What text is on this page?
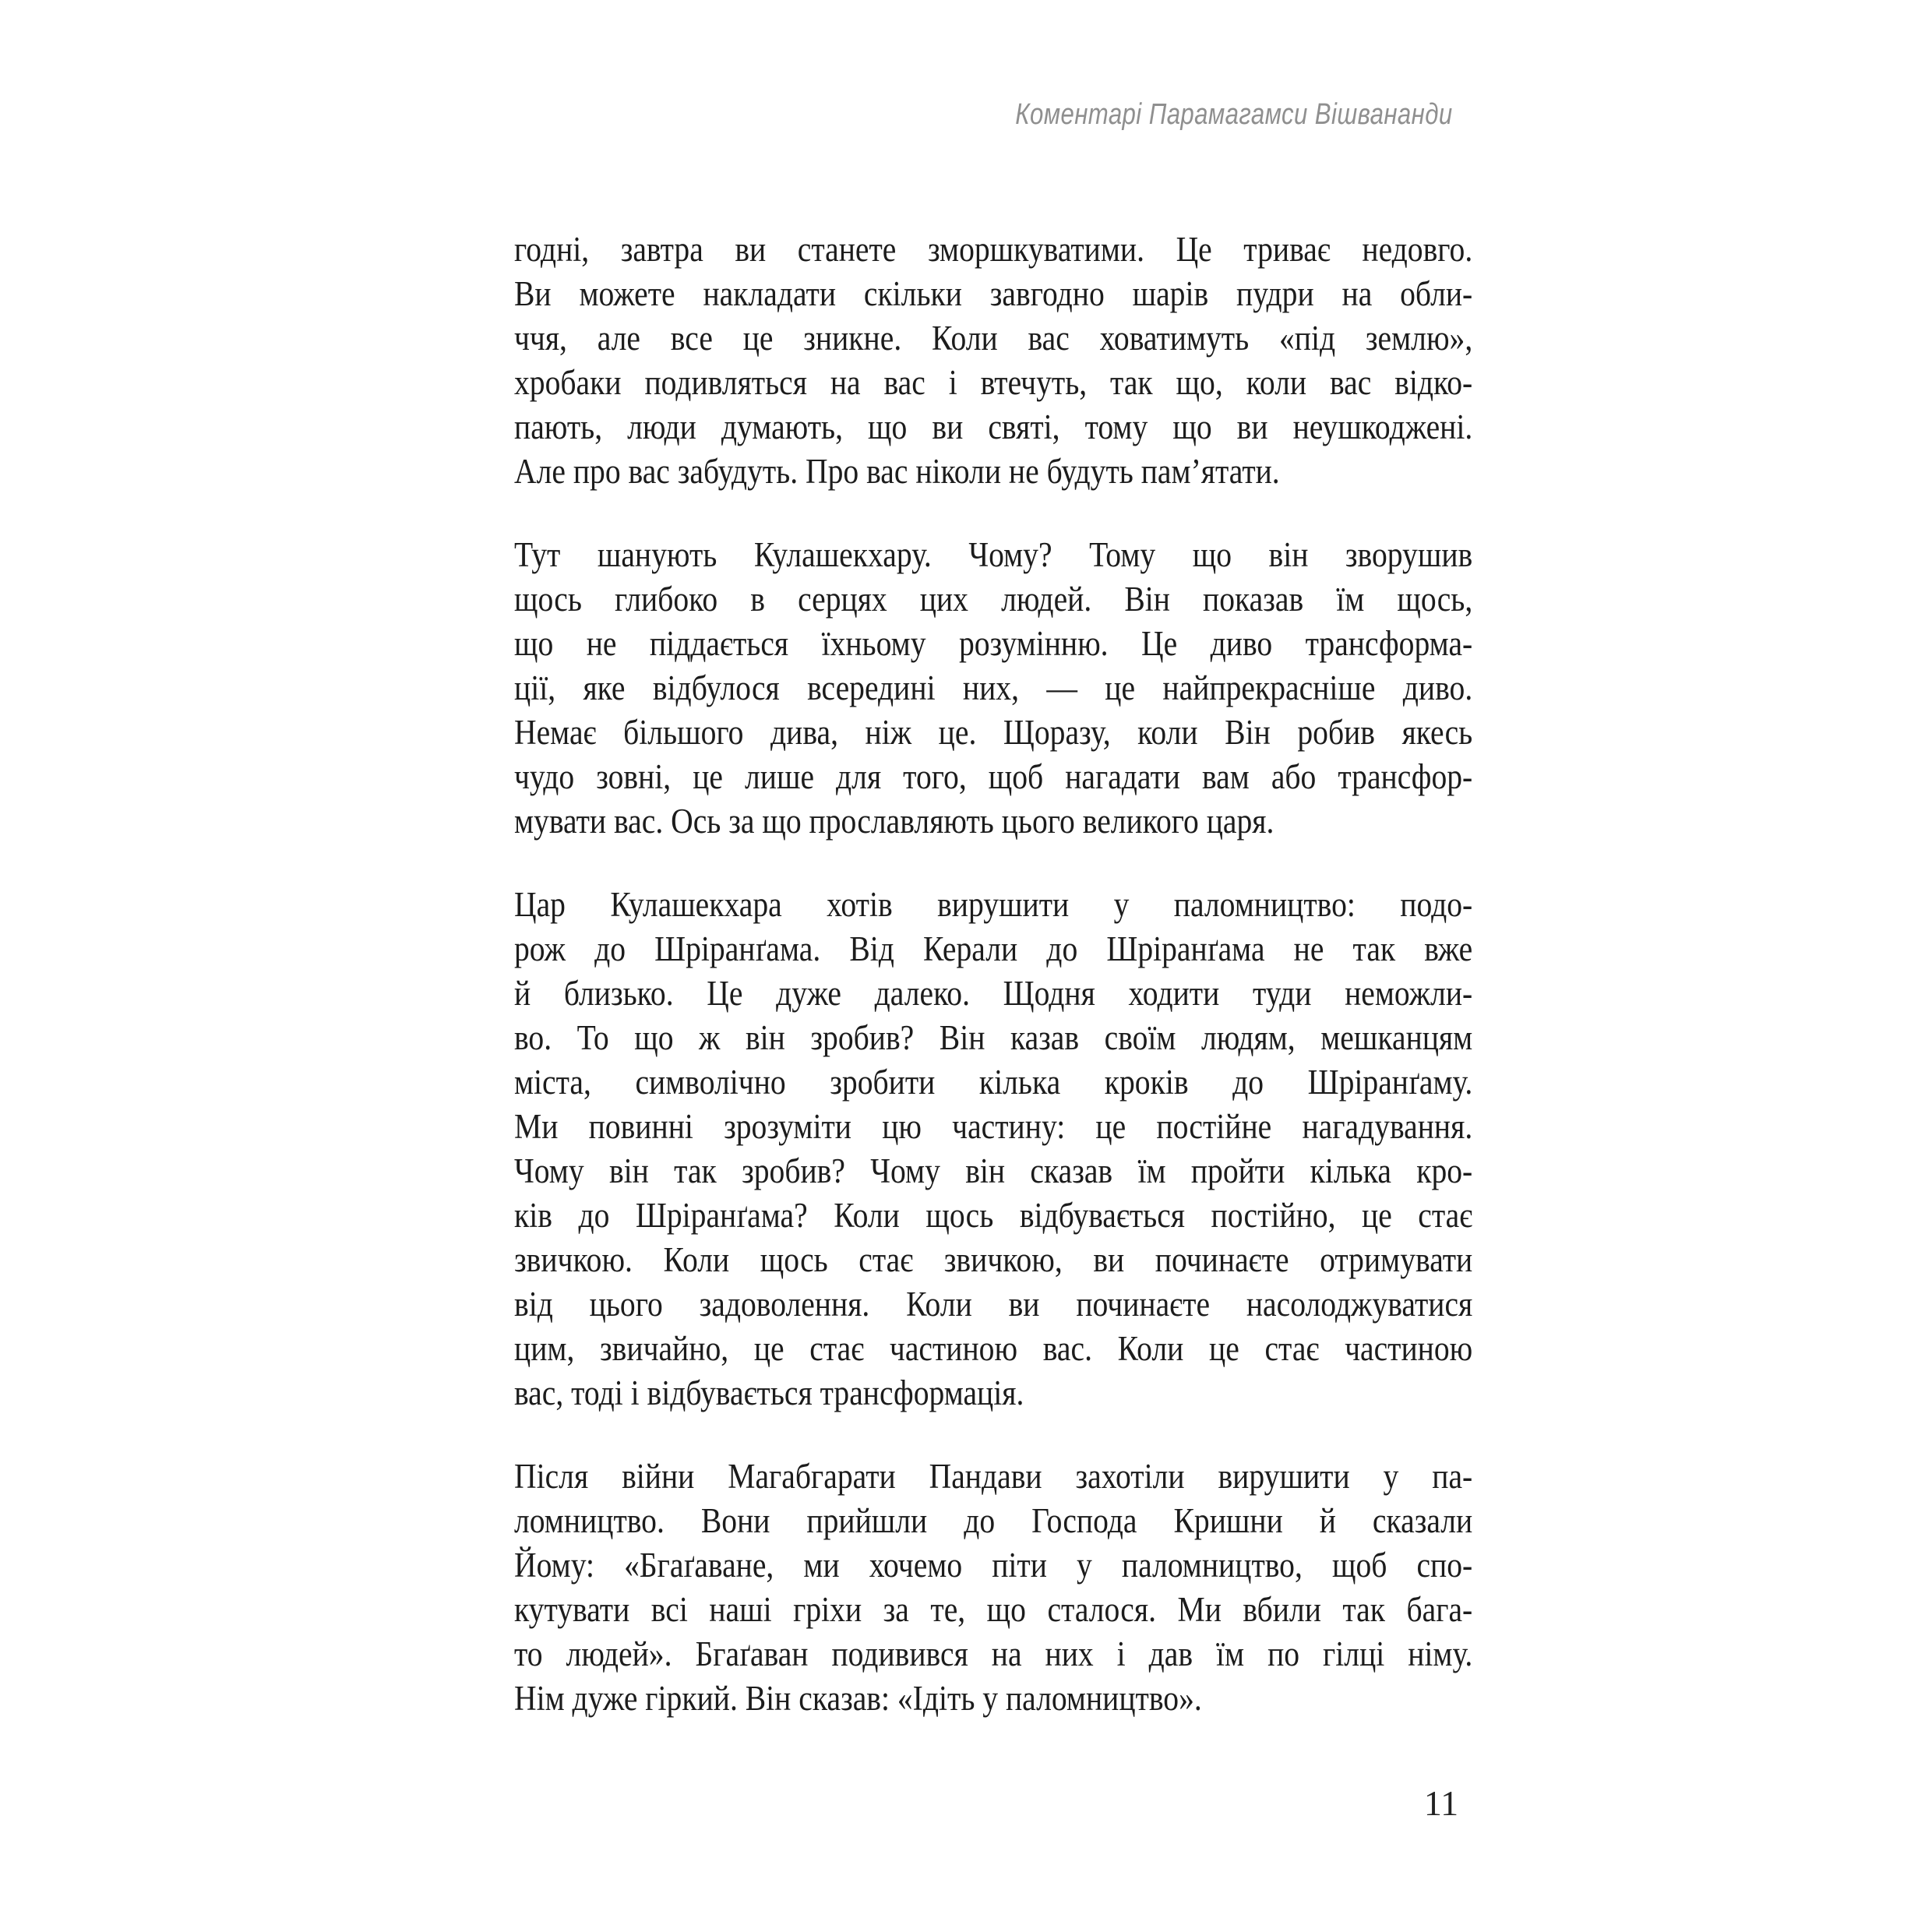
Коментарі Парамагамси Вішвананди
годні, завтра ви станете зморшкуватими. Це триває недовго.
Ви можете накладати скільки завгодно шарів пудри на обли-
ччя, але все це зникне. Коли вас ховатимуть «під землю»,
хробаки подивляться на вас і втечуть, так що, коли вас відко-
пають, люди думають, що ви святі, тому що ви неушкоджені.
Але про вас забудуть. Про вас ніколи не будуть пам’ятати.
Тут шанують Кулашекхару. Чому? Тому що він зворушив
щось глибоко в серцях цих людей. Він показав їм щось,
що не піддається їхньому розумінню. Це диво трансформа-
ції, яке відбулося всередині них, — це найпрекрасніше диво.
Немає більшого дива, ніж це. Щоразу, коли Він робив якесь
чудо зовні, це лише для того, щоб нагадати вам або трансфор-
мувати вас. Ось за що прославляють цього великого царя.
Цар Кулашекхара хотів вирушити у паломництво: подо-
рож до Шріранґама. Від Керали до Шріранґама не так вже
й близько. Це дуже далеко. Щодня ходити туди неможли-
во. То що ж він зробив? Він казав своїм людям, мешканцям
міста, символічно зробити кілька кроків до Шріранґаму.
Ми повинні зрозуміти цю частину: це постійне нагадування.
Чому він так зробив? Чому він сказав їм пройти кілька кро-
ків до Шріранґама? Коли щось відбувається постійно, це стає
звичкою. Коли щось стає звичкою, ви починаєте отримувати
від цього задоволення. Коли ви починаєте насолоджуватися
цим, звичайно, це стає частиною вас. Коли це стає частиною
вас, тоді і відбувається трансформація.
Після війни Магабгарати Пандави захотіли вирушити у па-
ломництво. Вони прийшли до Господа Кришни й сказали
Йому: «Бгаґаване, ми хочемо піти у паломництво, щоб спо-
кутувати всі наші гріхи за те, що сталося. Ми вбили так бага-
то людей». Бгаґаван подивився на них і дав їм по гілці німу.
Нім дуже гіркий. Він сказав: «Ідіть у паломництво».
11
